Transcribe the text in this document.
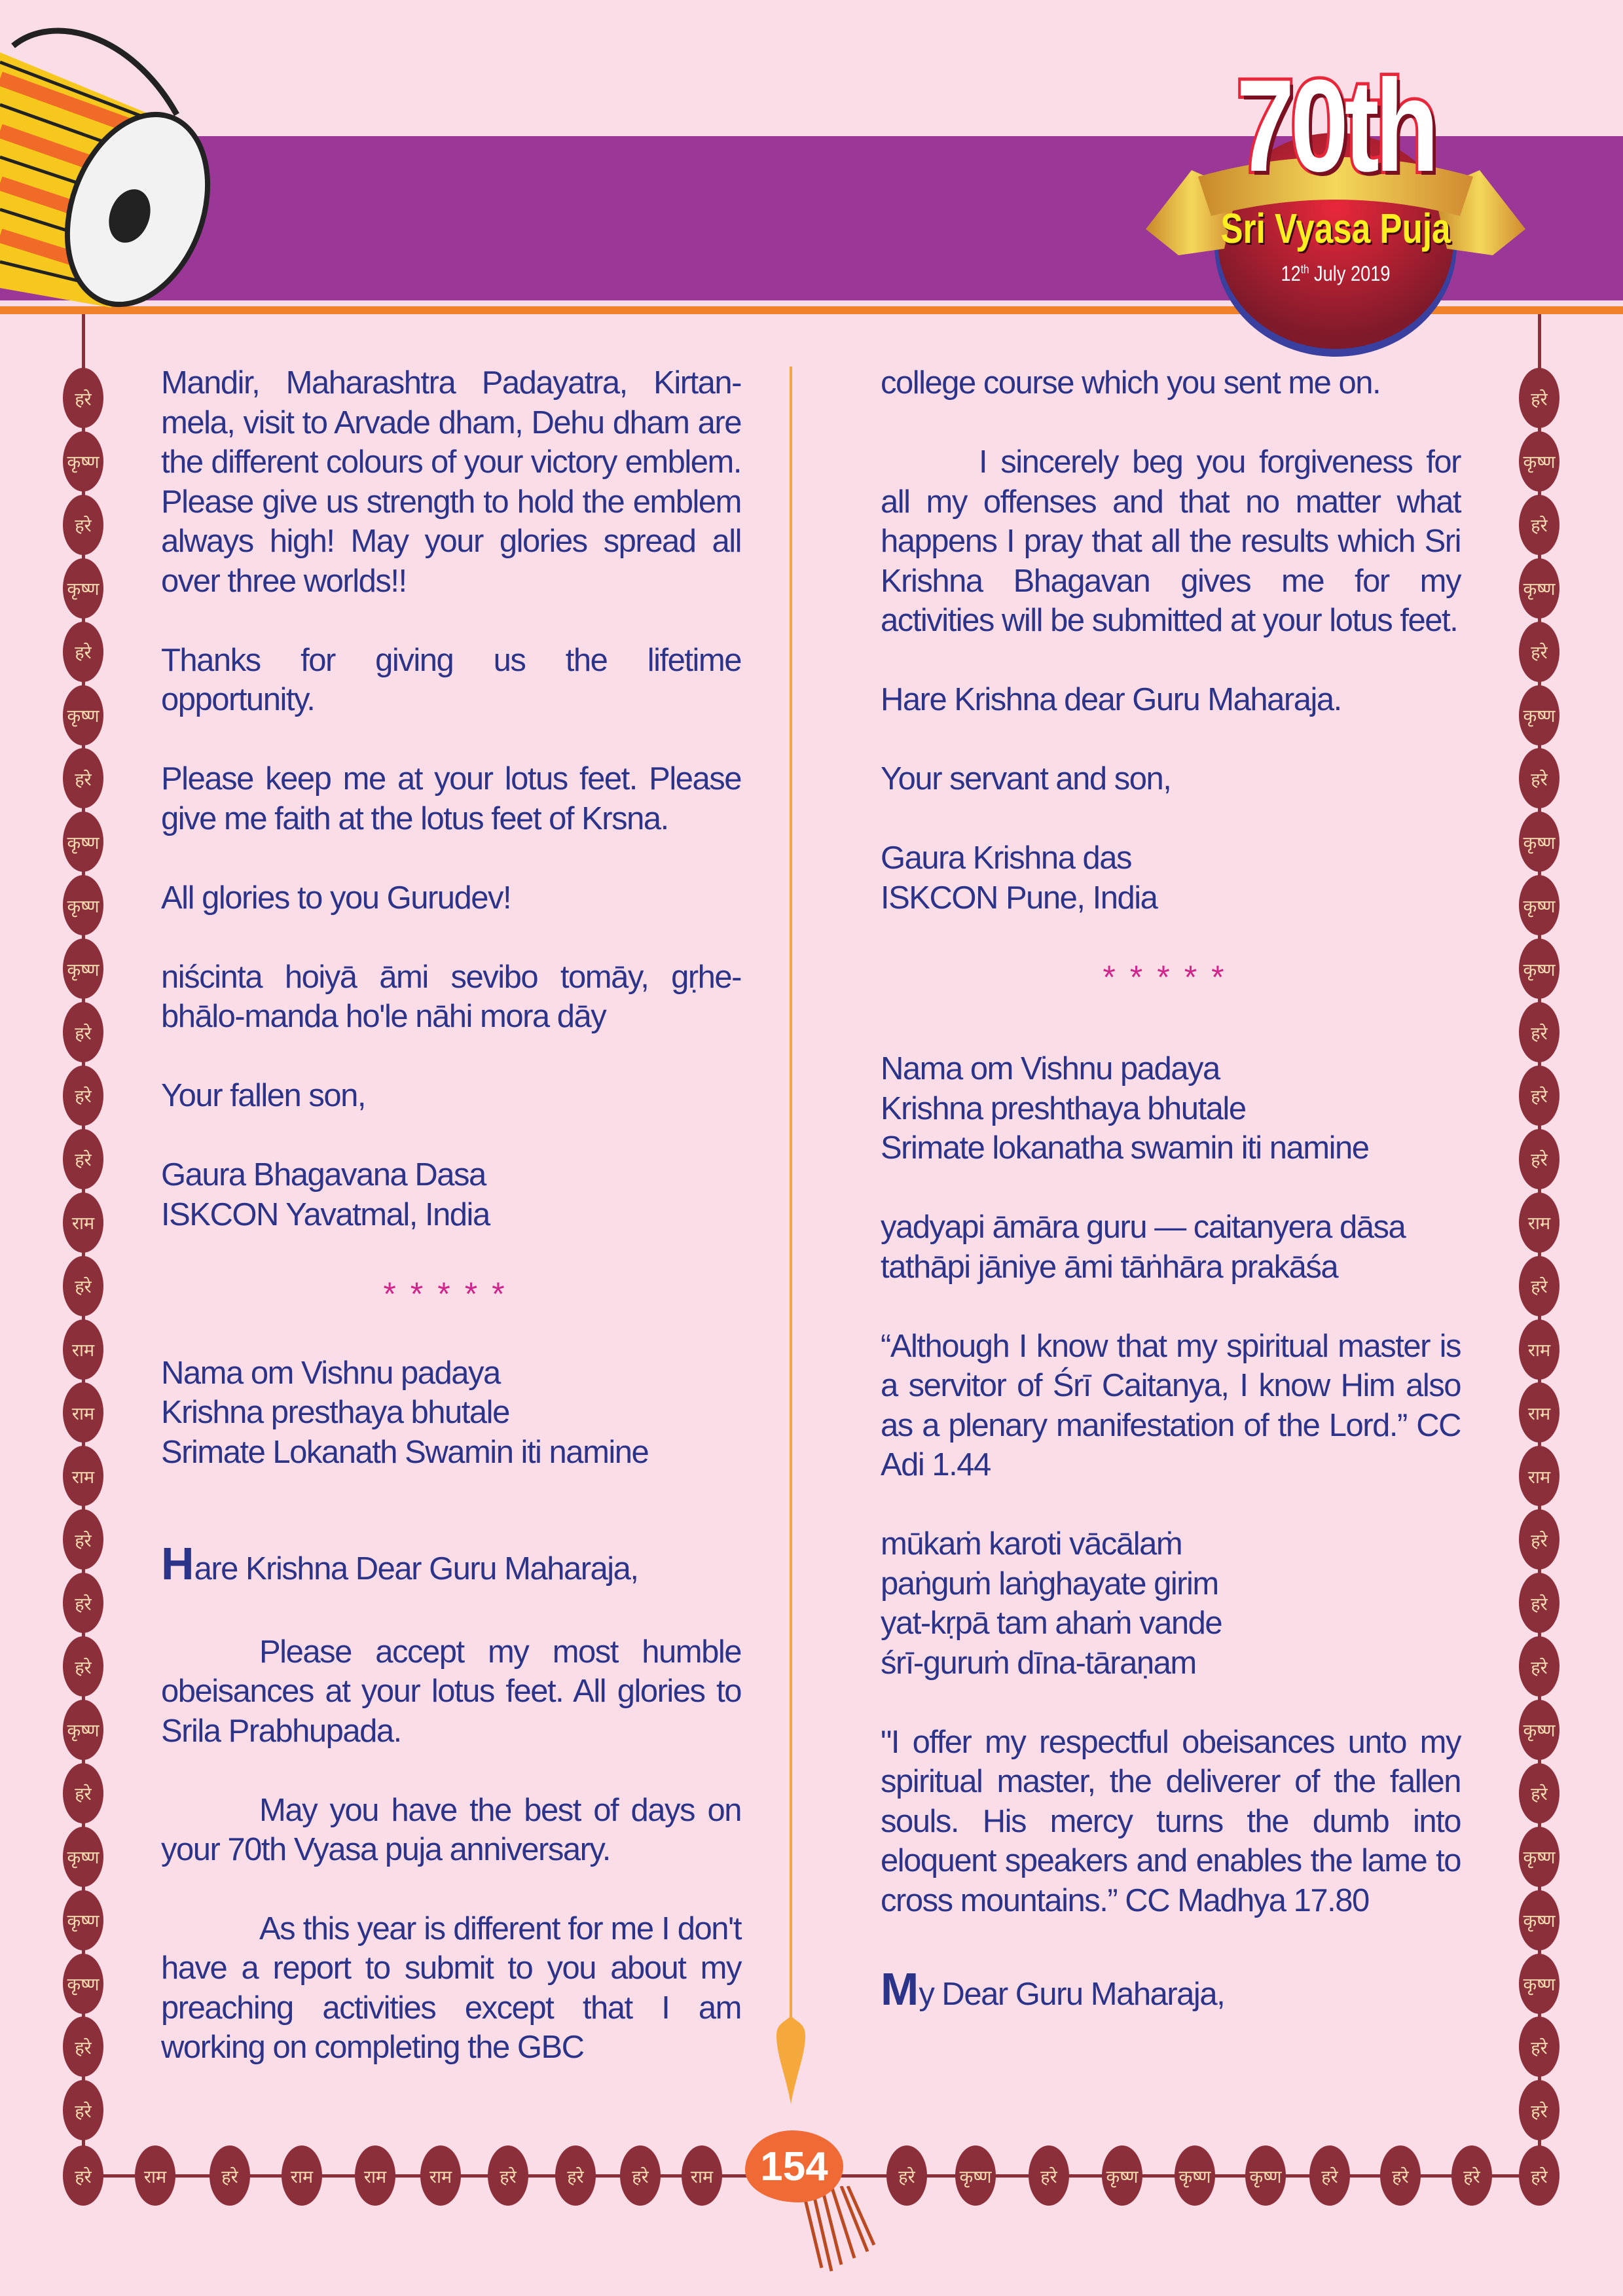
70th
Sri Vyasa Puja
12th July 2019

Mandir, Maharashtra Padayatra, Kirtan-mela, visit to Arvade dham, Dehu dham are the different colours of your victory emblem. Please give us strength to hold the emblem always high! May your glories spread all over three worlds!!

Thanks for giving us the lifetime opportunity.

Please keep me at your lotus feet. Please give me faith at the lotus feet of Krsna.

All glories to you Gurudev!

niścinta hoiyā āmi sevibo tomāy, gṛhe-bhālo-manda ho'le nāhi mora dāy

Your fallen son,

Gaura Bhagavana Dasa
ISKCON Yavatmal, India

*****

Nama om Vishnu padaya
Krishna presthaya bhutale
Srimate Lokanath Swamin iti namine

Hare Krishna Dear Guru Maharaja,

Please accept my most humble obeisances at your lotus feet. All glories to Srila Prabhupada.

May you have the best of days on your 70th Vyasa puja anniversary.

As this year is different for me I don't have a report to submit to you about my preaching activities except that I am working on completing the GBC

college course which you sent me on.

I sincerely beg you forgiveness for all my offenses and that no matter what happens I pray that all the results which Sri Krishna Bhagavan gives me for my activities will be submitted at your lotus feet.

Hare Krishna dear Guru Maharaja.

Your servant and son,

Gaura Krishna das
ISKCON Pune, India

*****

Nama om Vishnu padaya
Krishna preshthaya bhutale
Srimate lokanatha swamin iti namine

yadyapi āmāra guru — caitanyera dāsa
tathāpi jāniye āmi tāṅhāra prakāśa

“Although I know that my spiritual master is a servitor of Śrī Caitanya, I know Him also as a plenary manifestation of the Lord.” CC Adi 1.44

mūkaṁ karoti vācālaṁ
paṅguṁ laṅghayate girim
yat-kṛpā tam ahaṁ vande
śrī-guruṁ dīna-tāraṇam

"I offer my respectful obeisances unto my spiritual master, the deliverer of the fallen souls. His mercy turns the dumb into eloquent speakers and enables the lame to cross mountains.” CC Madhya 17.80

My Dear Guru Maharaja,

हरे
कृष्ण
हरे
कृष्ण
हरे
कृष्ण
हरे
कृष्ण
कृष्ण
कृष्ण
हरे
हरे
हरे
राम
हरे
राम
राम
राम
हरे
हरे
हरे
कृष्ण
हरे
कृष्ण
कृष्ण
कृष्ण
हरे
हरे
हरे
कृष्ण
हरे
कृष्ण
हरे
कृष्ण
हरे
कृष्ण
कृष्ण
कृष्ण
हरे
हरे
हरे
राम
हरे
राम
राम
राम
हरे
हरे
हरे
कृष्ण
हरे
कृष्ण
कृष्ण
कृष्ण
हरे
हरे
हरे	राम	हरे	राम	राम	राम	हरे	हरे	हरे	राम	हरे	कृष्ण	हरे	कृष्ण कृष्ण कृष्ण	हरे	हरे	हरे	हरे
154
